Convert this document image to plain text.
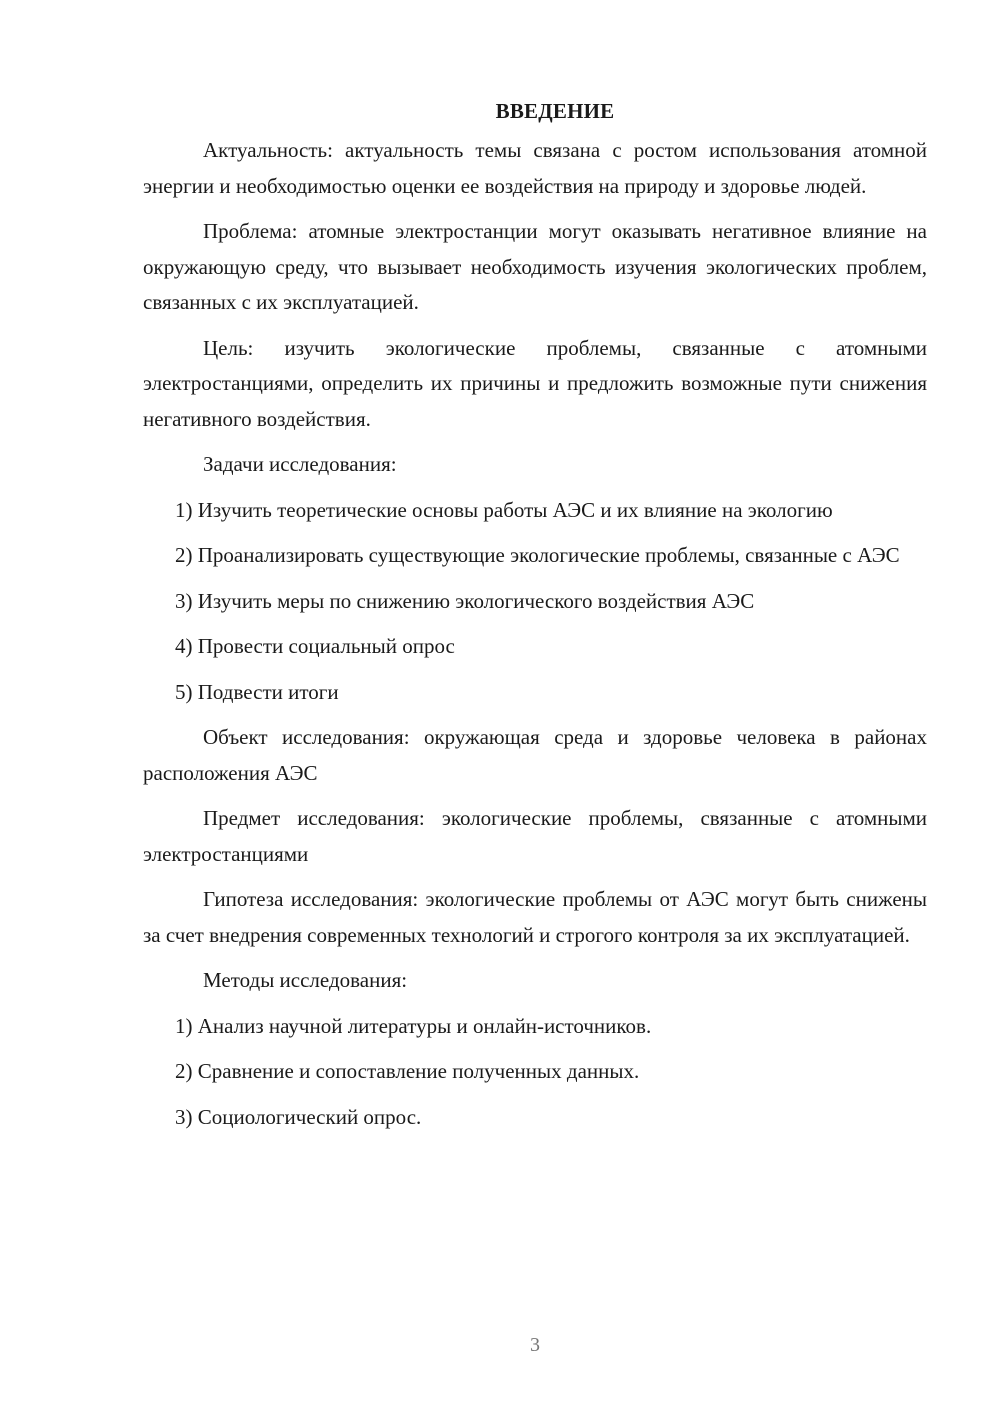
ВВЕДЕНИЕ

Актуальность: актуальность темы связана с ростом использования атомной энергии и необходимостью оценки ее воздействия на природу и здоровье людей.

Проблема: атомные электростанции могут оказывать негативное влияние на окружающую среду, что вызывает необходимость изучения экологических проблем, связанных с их эксплуатацией.

Цель: изучить экологические проблемы, связанные с атомными электростанциями, определить их причины и предложить возможные пути снижения негативного воздействия.

Задачи исследования:

1) Изучить теоретические основы работы АЭС и их влияние на экологию

2) Проанализировать существующие экологические проблемы, связанные с АЭС

3) Изучить меры по снижению экологического воздействия АЭС

4) Провести социальный опрос

5) Подвести итоги

Объект исследования: окружающая среда и здоровье человека в районах расположения АЭС

Предмет исследования: экологические проблемы, связанные с атомными электростанциями

Гипотеза исследования: экологические проблемы от АЭС могут быть снижены за счет внедрения современных технологий и строгого контроля за их эксплуатацией.

Методы исследования:

1) Анализ научной литературы и онлайн-источников.

2) Сравнение и сопоставление полученных данных.

3) Социологический опрос.

3
